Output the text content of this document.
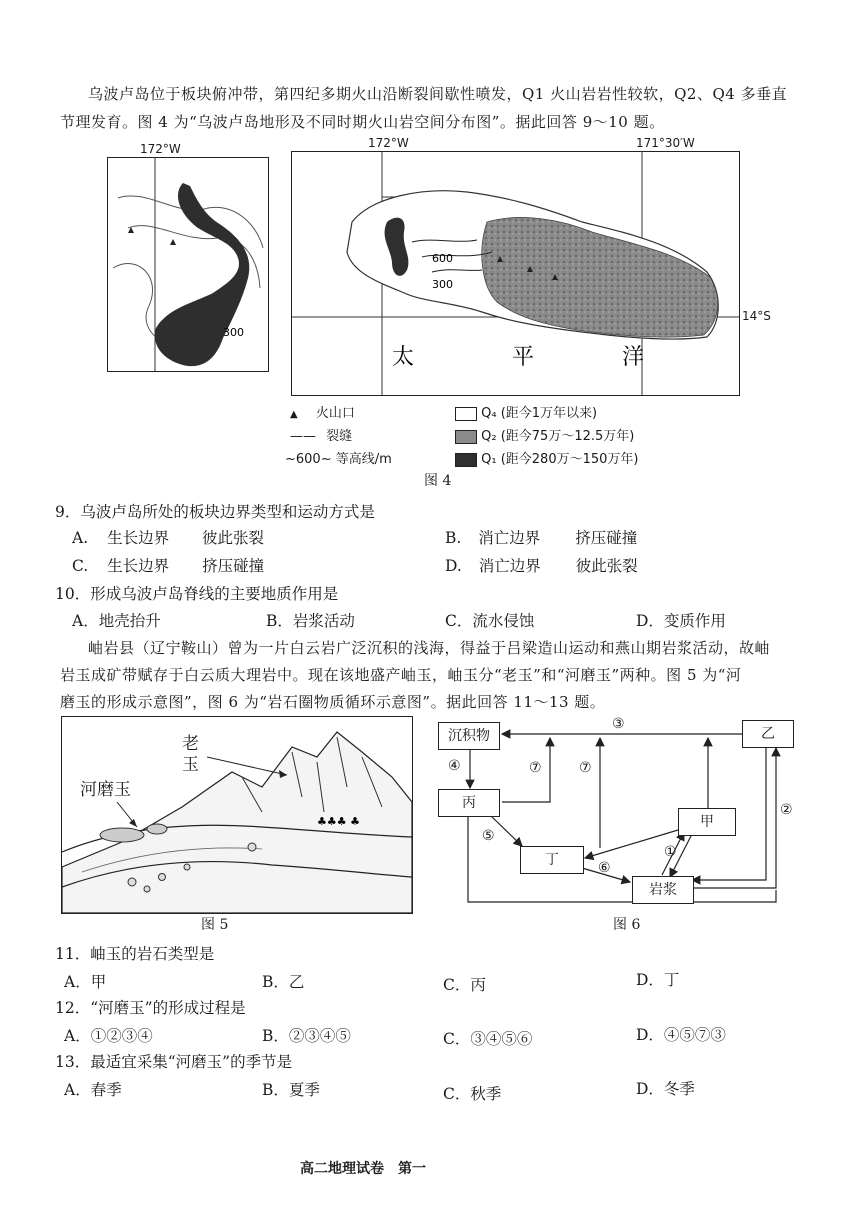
乌波卢岛位于板块俯冲带，第四纪多期火山沿断裂间歇性喷发，Q1 火山岩岩性较软，Q2、Q4 多垂直
节理发育。图 4 为“乌波卢岛地形及不同时期火山岩空间分布图”。据此回答 9～10 题。
172°W
300
172°W	171°30′W
600
300
太	平	洋
14°S
▲ 火山口
—— 裂缝
~600~ 等高线/m
Q₄ (距今1万年以来)
Q₂ (距今75万～12.5万年)
Q₁ (距今280万～150万年)
图 4
9．乌波卢岛所处的板块边界类型和运动方式是
A. 生长边界 彼此张裂	B. 消亡边界 挤压碰撞
C. 生长边界 挤压碰撞	D. 消亡边界 彼此张裂
10．形成乌波卢岛脊线的主要地质作用是
A．地壳抬升	B．岩浆活动	C．流水侵蚀	D．变质作用
岫岩县（辽宁鞍山）曾为一片白云岩广泛沉积的浅海，得益于吕梁造山运动和燕山期岩浆活动，故岫
岩玉成矿带赋存于白云质大理岩中。现在该地盛产岫玉，岫玉分“老玉”和“河磨玉”两种。图 5 为“河
磨玉的形成示意图”，图 6 为“岩石圈物质循环示意图”。据此回答 11～13 题。
♣♣♣ ♣
老
玉
河磨玉
图 5
沉积物	乙
丙
甲
丁
岩浆
③
④	⑦	⑦
②
⑤
①
⑥
图 6
11．岫玉的岩石类型是
A．甲	B．乙	C．丙	D．丁
12．“河磨玉”的形成过程是
A．①②③④	B．②③④⑤	C．③④⑤⑥	D．④⑤⑦③
13．最适宜采集“河磨玉”的季节是
A．春季	B．夏季	C．秋季	D．冬季
高二地理试卷　第一
